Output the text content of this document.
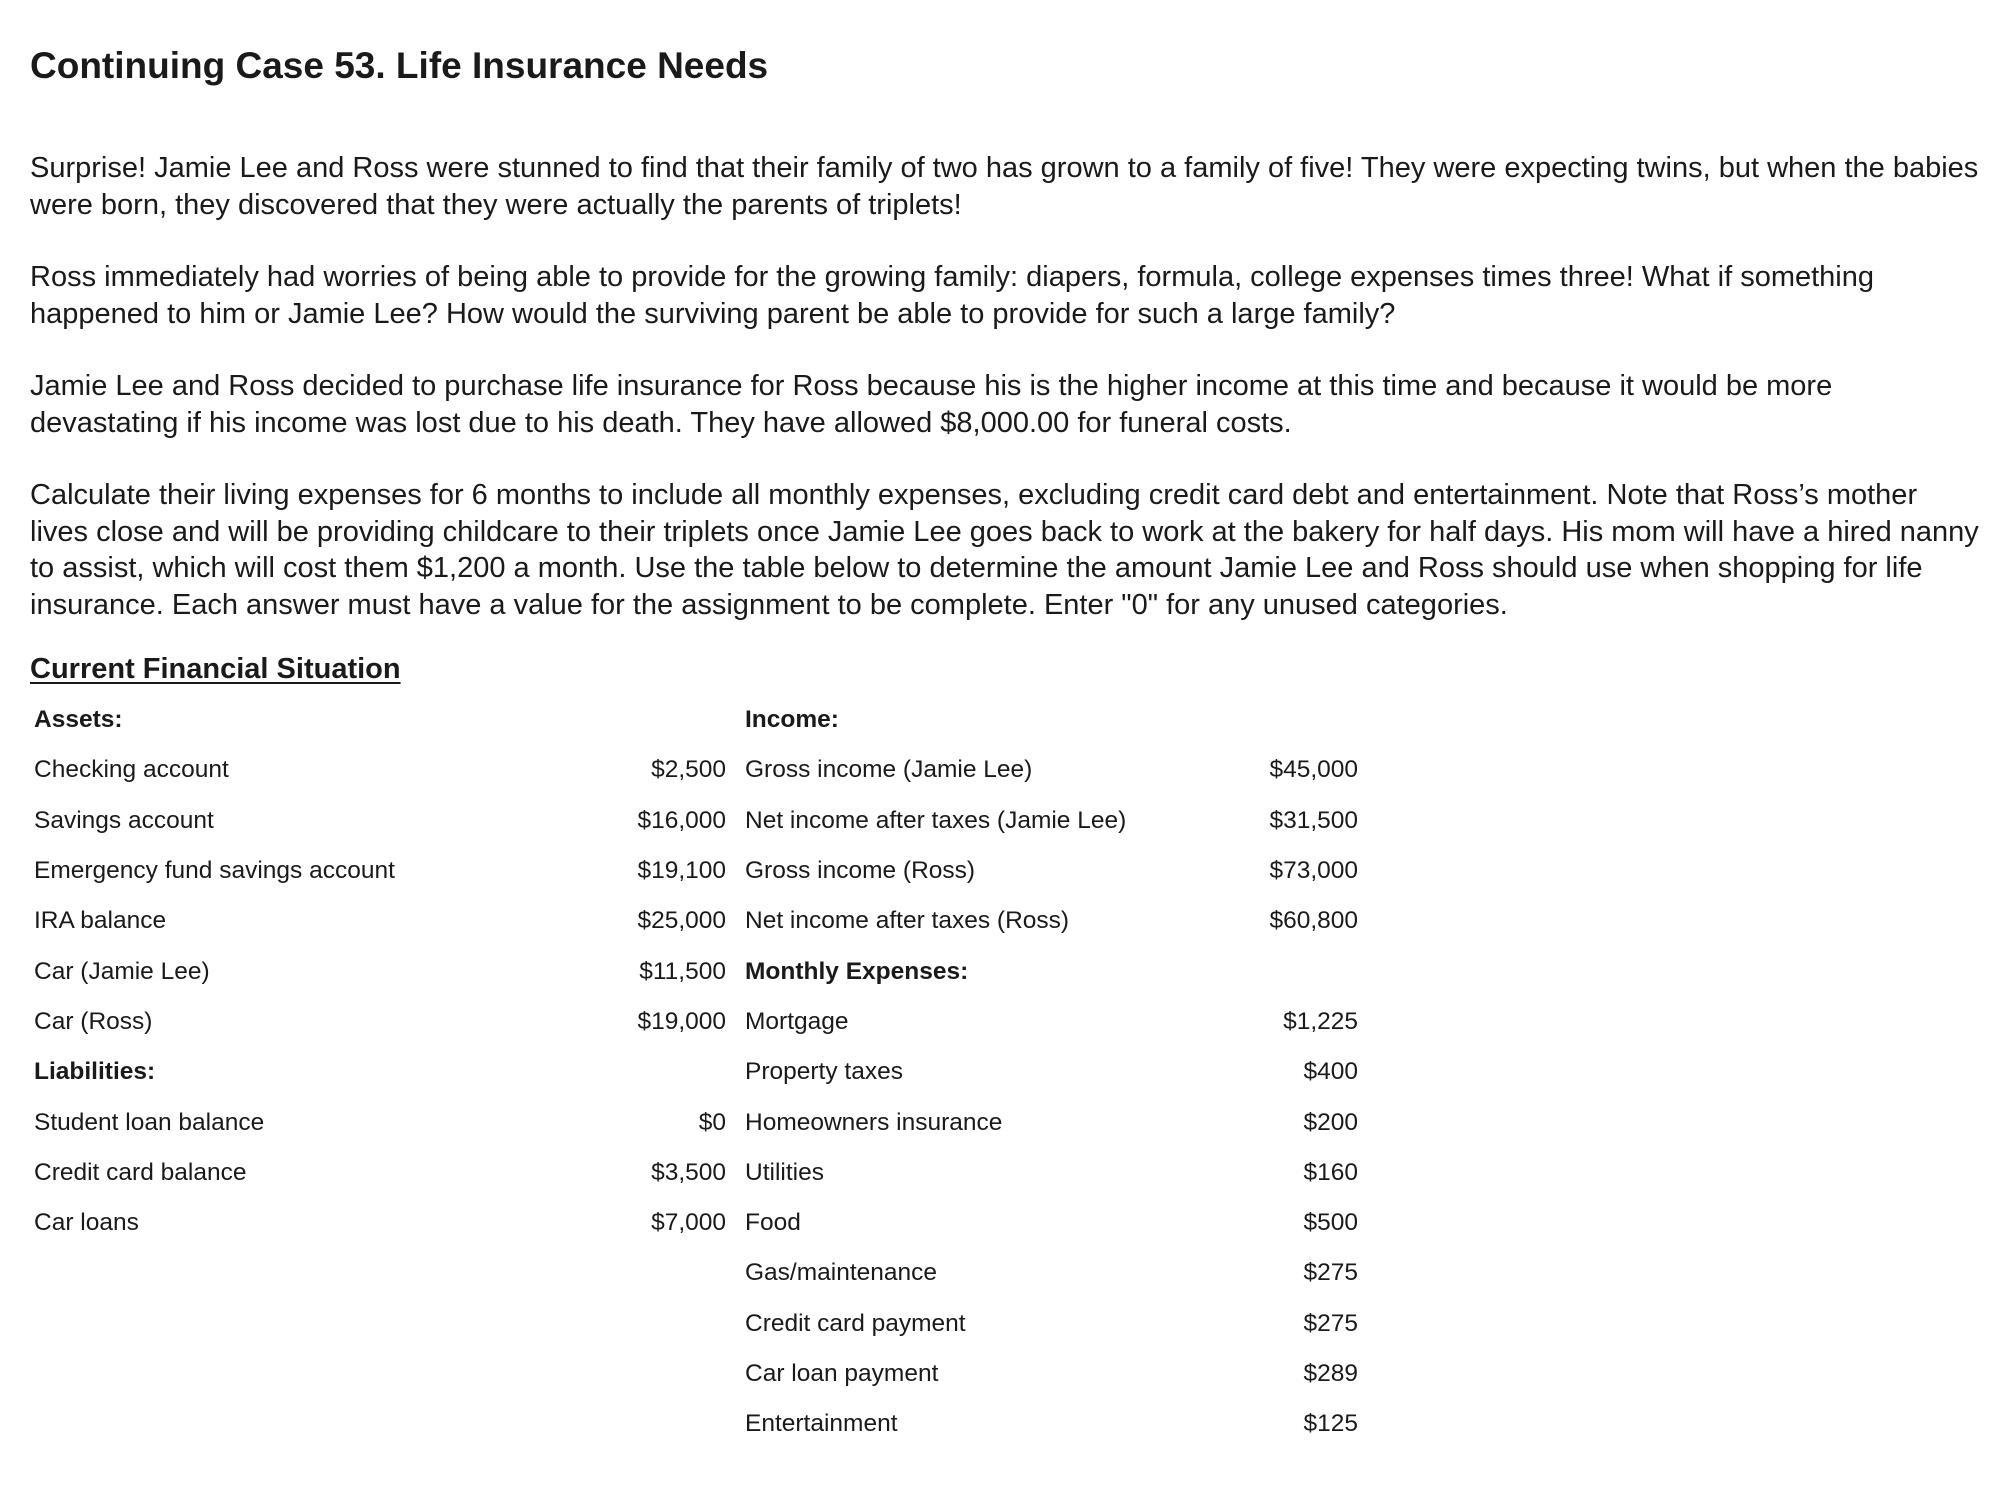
Continuing Case 53. Life Insurance Needs

Surprise! Jamie Lee and Ross were stunned to find that their family of two has grown to a family of five! They were expecting twins, but when the babies were born, they discovered that they were actually the parents of triplets!

Ross immediately had worries of being able to provide for the growing family: diapers, formula, college expenses times three! What if something happened to him or Jamie Lee? How would the surviving parent be able to provide for such a large family?

Jamie Lee and Ross decided to purchase life insurance for Ross because his is the higher income at this time and because it would be more devastating if his income was lost due to his death. They have allowed $8,000.00 for funeral costs.

Calculate their living expenses for 6 months to include all monthly expenses, excluding credit card debt and entertainment. Note that Ross’s mother lives close and will be providing childcare to their triplets once Jamie Lee goes back to work at the bakery for half days. His mom will have a hired nanny to assist, which will cost them $1,200 a month. Use the table below to determine the amount Jamie Lee and Ross should use when shopping for life insurance. Each answer must have a value for the assignment to be complete. Enter "0" for any unused categories.

Current Financial Situation
Assets:
Checking account	$2,500
Savings account	$16,000
Emergency fund savings account	$19,100
IRA balance	$25,000
Car (Jamie Lee)	$11,500
Car (Ross)	$19,000
Liabilities:
Student loan balance	$0
Credit card balance	$3,500
Car loans	$7,000
Income:
Gross income (Jamie Lee)	$45,000
Net income after taxes (Jamie Lee)	$31,500
Gross income (Ross)	$73,000
Net income after taxes (Ross)	$60,800
Monthly Expenses:
Mortgage	$1,225
Property taxes	$400
Homeowners insurance	$200
Utilities	$160
Food	$500
Gas/maintenance	$275
Credit card payment	$275
Car loan payment	$289
Entertainment	$125
